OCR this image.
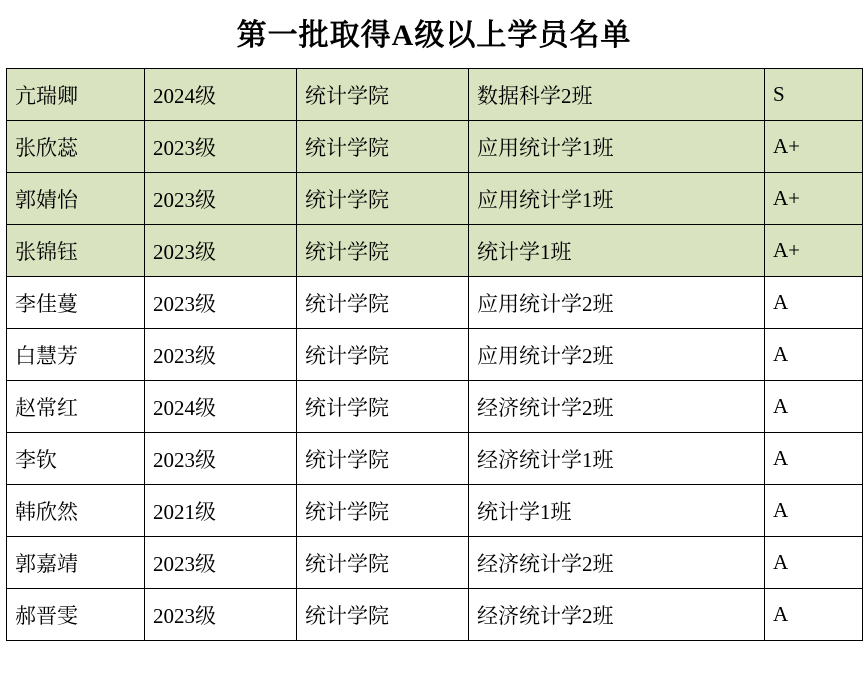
第一批取得A级以上学员名单
亢瑞卿	2024级	统计学院	数据科学2班	S
张欣蕊	2023级	统计学院	应用统计学1班	A+
郭婧怡	2023级	统计学院	应用统计学1班	A+
张锦钰	2023级	统计学院	统计学1班	A+
李佳蔓	2023级	统计学院	应用统计学2班	A
白慧芳	2023级	统计学院	应用统计学2班	A
赵常红	2024级	统计学院	经济统计学2班	A
李钦	2023级	统计学院	经济统计学1班	A
韩欣然	2021级	统计学院	统计学1班	A
郭嘉靖	2023级	统计学院	经济统计学2班	A
郝晋雯	2023级	统计学院	经济统计学2班	A
